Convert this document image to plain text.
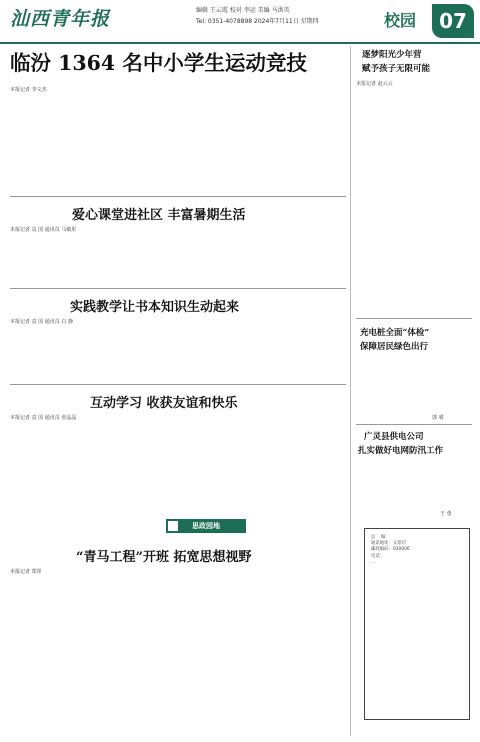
汕西青年报	编辑 王云霞 校对 李运 美编 马洪英
Tel: 0351-4078898 2024年7月11日 星期四	校园	07
临汾 1364 名中小学生运动竞技
本报记者 李文杰
爱心课堂进社区 丰富暑期生活
本报记者 袁 国 通讯员 马敏彤
实践教学让书本知识生动起来
本报记者 袁 国 通讯员 白 静
互动学习 收获友谊和快乐
本报记者 袁 国 通讯员 张晶晶
思政园地
“青马工程”开班 拓宽思想视野
本报记者 郑彤
逐梦阳光少年营
赋予孩子无限可能
本报记者 赵云云
充电桩全面“体检”
保障居民绿色出行
郭 睿
广灵县供电公司
扎实做好电网防汛工作
王 勇
总    编：
通讯地址：太原市
邮政编码：030006
电话：
...
